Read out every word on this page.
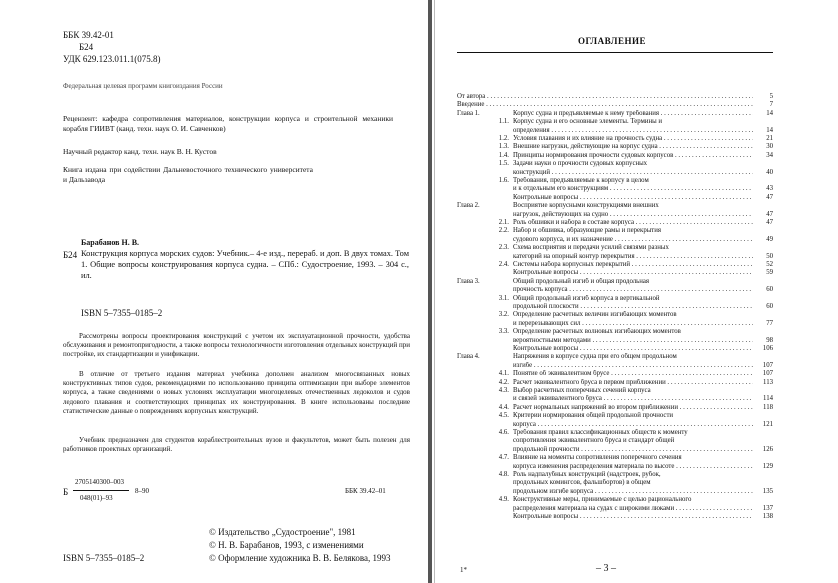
ББК 39.42-01
Б24
УДК 629.123.011.1(075.8)
Федеральная целевая программ книгоиздания России
Рецензент: кафедра сопротивления материалов, конструкции корпуса и строительной механики корабля ГИИВТ (канд. техн. наук О. И. Савченков)
Научный редактор канд. техн. наук В. Н. Кустов
Книга издана при содействии Дальневосточного технического университета и Дальзавода
Барабанов Н. В.
Б24 Конструкция корпуса морских судов: Учебник.– 4-е изд., перераб. и доп. В двух томах. Том 1. Общие вопросы конструирования корпуса судна. – СПб.: Судостроение, 1993. – 304 с., ил.
ISBN 5–7355–0185–2
Рассмотрены вопросы проектирования конструкций с учетом их эксплуатационной прочности, удобства обслуживания и ремонтопригодности, а также вопросы технологичности изготовления отдельных конструкций при постройке, их стандартизации и унификации.
В отличие от третьего издания материал учебника дополнен анализом многосвязанных новых конструктивных типов судов, рекомендациями по использованию принципа оптимизации при выборе элементов корпуса, а также сведениями о новых условиях эксплуатации многоцелевых отечественных ледоколов и судов ледового плавания и соответствующих принципах их конструирования. В книге использованы последние статистические данные о повреждениях корпусных конструкций.
Учебник предназначен для студентов кораблестроительных вузов и факультетов, может быть полезен для работников проектных организаций.
Б
2705140300–003
048(01)–93
8–90	ББК 39.42–01
© Издательство „Судостроение", 1981
© Н. В. Барабанов, 1993, с изменениями
ISBN 5–7355–0185–2	© Оформление художника В. В. Белякова, 1993
ОГЛАВЛЕНИЕ
От автора . . .	5
Введение . . .	7
Глава 1.	Корпус судна и предъявляемые к нему требования . . .	14
1.1. Корпус судна и его основные элементы. Термины и
определения . . .	14
1.2. Условия плавания и их влияние на прочность судна . . .	21
1.3. Внешние нагрузки, действующие на корпус судна . . .	30
1.4. Принципы нормирования прочности судовых корпусов . . .	34
1.5. Задачи науки о прочности судовых корпусных
конструкций . . .	40
1.6. Требования, предъявляемые к корпусу в целом
и к отдельным его конструкциям . . .	43
Контрольные вопросы . . .	47
Глава 2.	Восприятие корпусными конструкциями внешних
нагрузок, действующих на судно . . .	47
2.1. Роль обшивки и набора в составе корпуса . . .	47
2.2. Набор и обшивка, образующие рамы и перекрытия
судового корпуса, и их назначение . . .	49
2.3. Схема восприятия и передачи усилий связями разных
категорий на опорный контур перекрытия . . .	50
2.4. Системы набора корпусных перекрытий . . .	52
Контрольные вопросы . . .	59
Глава 3.	Общий продольный изгиб и общая продольная
прочность корпуса . . .	60
3.1. Общий продольный изгиб корпуса в вертикальной
продольной плоскости . . .	60
3.2. Определение расчетных величин изгибающих моментов
и перерезывающих сил . . .	77
3.3. Определение расчетных волновых изгибающих моментов
вероятностными методами . . .	98
Контрольные вопросы . . .	106
Глава 4.	Напряжения в корпусе судна при его общем продольном
изгибе . . .	107
4.1. Понятие об эквивалентном брусе . . .	107
4.2. Расчет эквивалентного бруса в первом приближении . . .	113
4.3. Выбор расчетных поперечных сечений корпуса
и связей эквивалентного бруса . . .	114
4.4. Расчет нормальных напряжений во втором приближении . . .	118
4.5. Критерии нормирования общей продольной прочности
корпуса . . .	121
4.6. Требования правил классификационных обществ к моменту
сопротивления эквивалентного бруса и стандарт общей
продольной прочности . . .	126
4.7. Влияние на моменты сопротивления поперечного сечения
корпуса изменения распределения материала по высоте . . .	129
4.8. Роль надпалубных конструкций (надстроек, рубок,
продольных комингсов, фальшбортов) в общем
продольном изгибе корпуса . . .	135
4.9. Конструктивные меры, принимаемые с целью рационального
распределения материала на судах с широкими люками . . .	137
Контрольные вопросы . . .	138
– 3 –
1*
